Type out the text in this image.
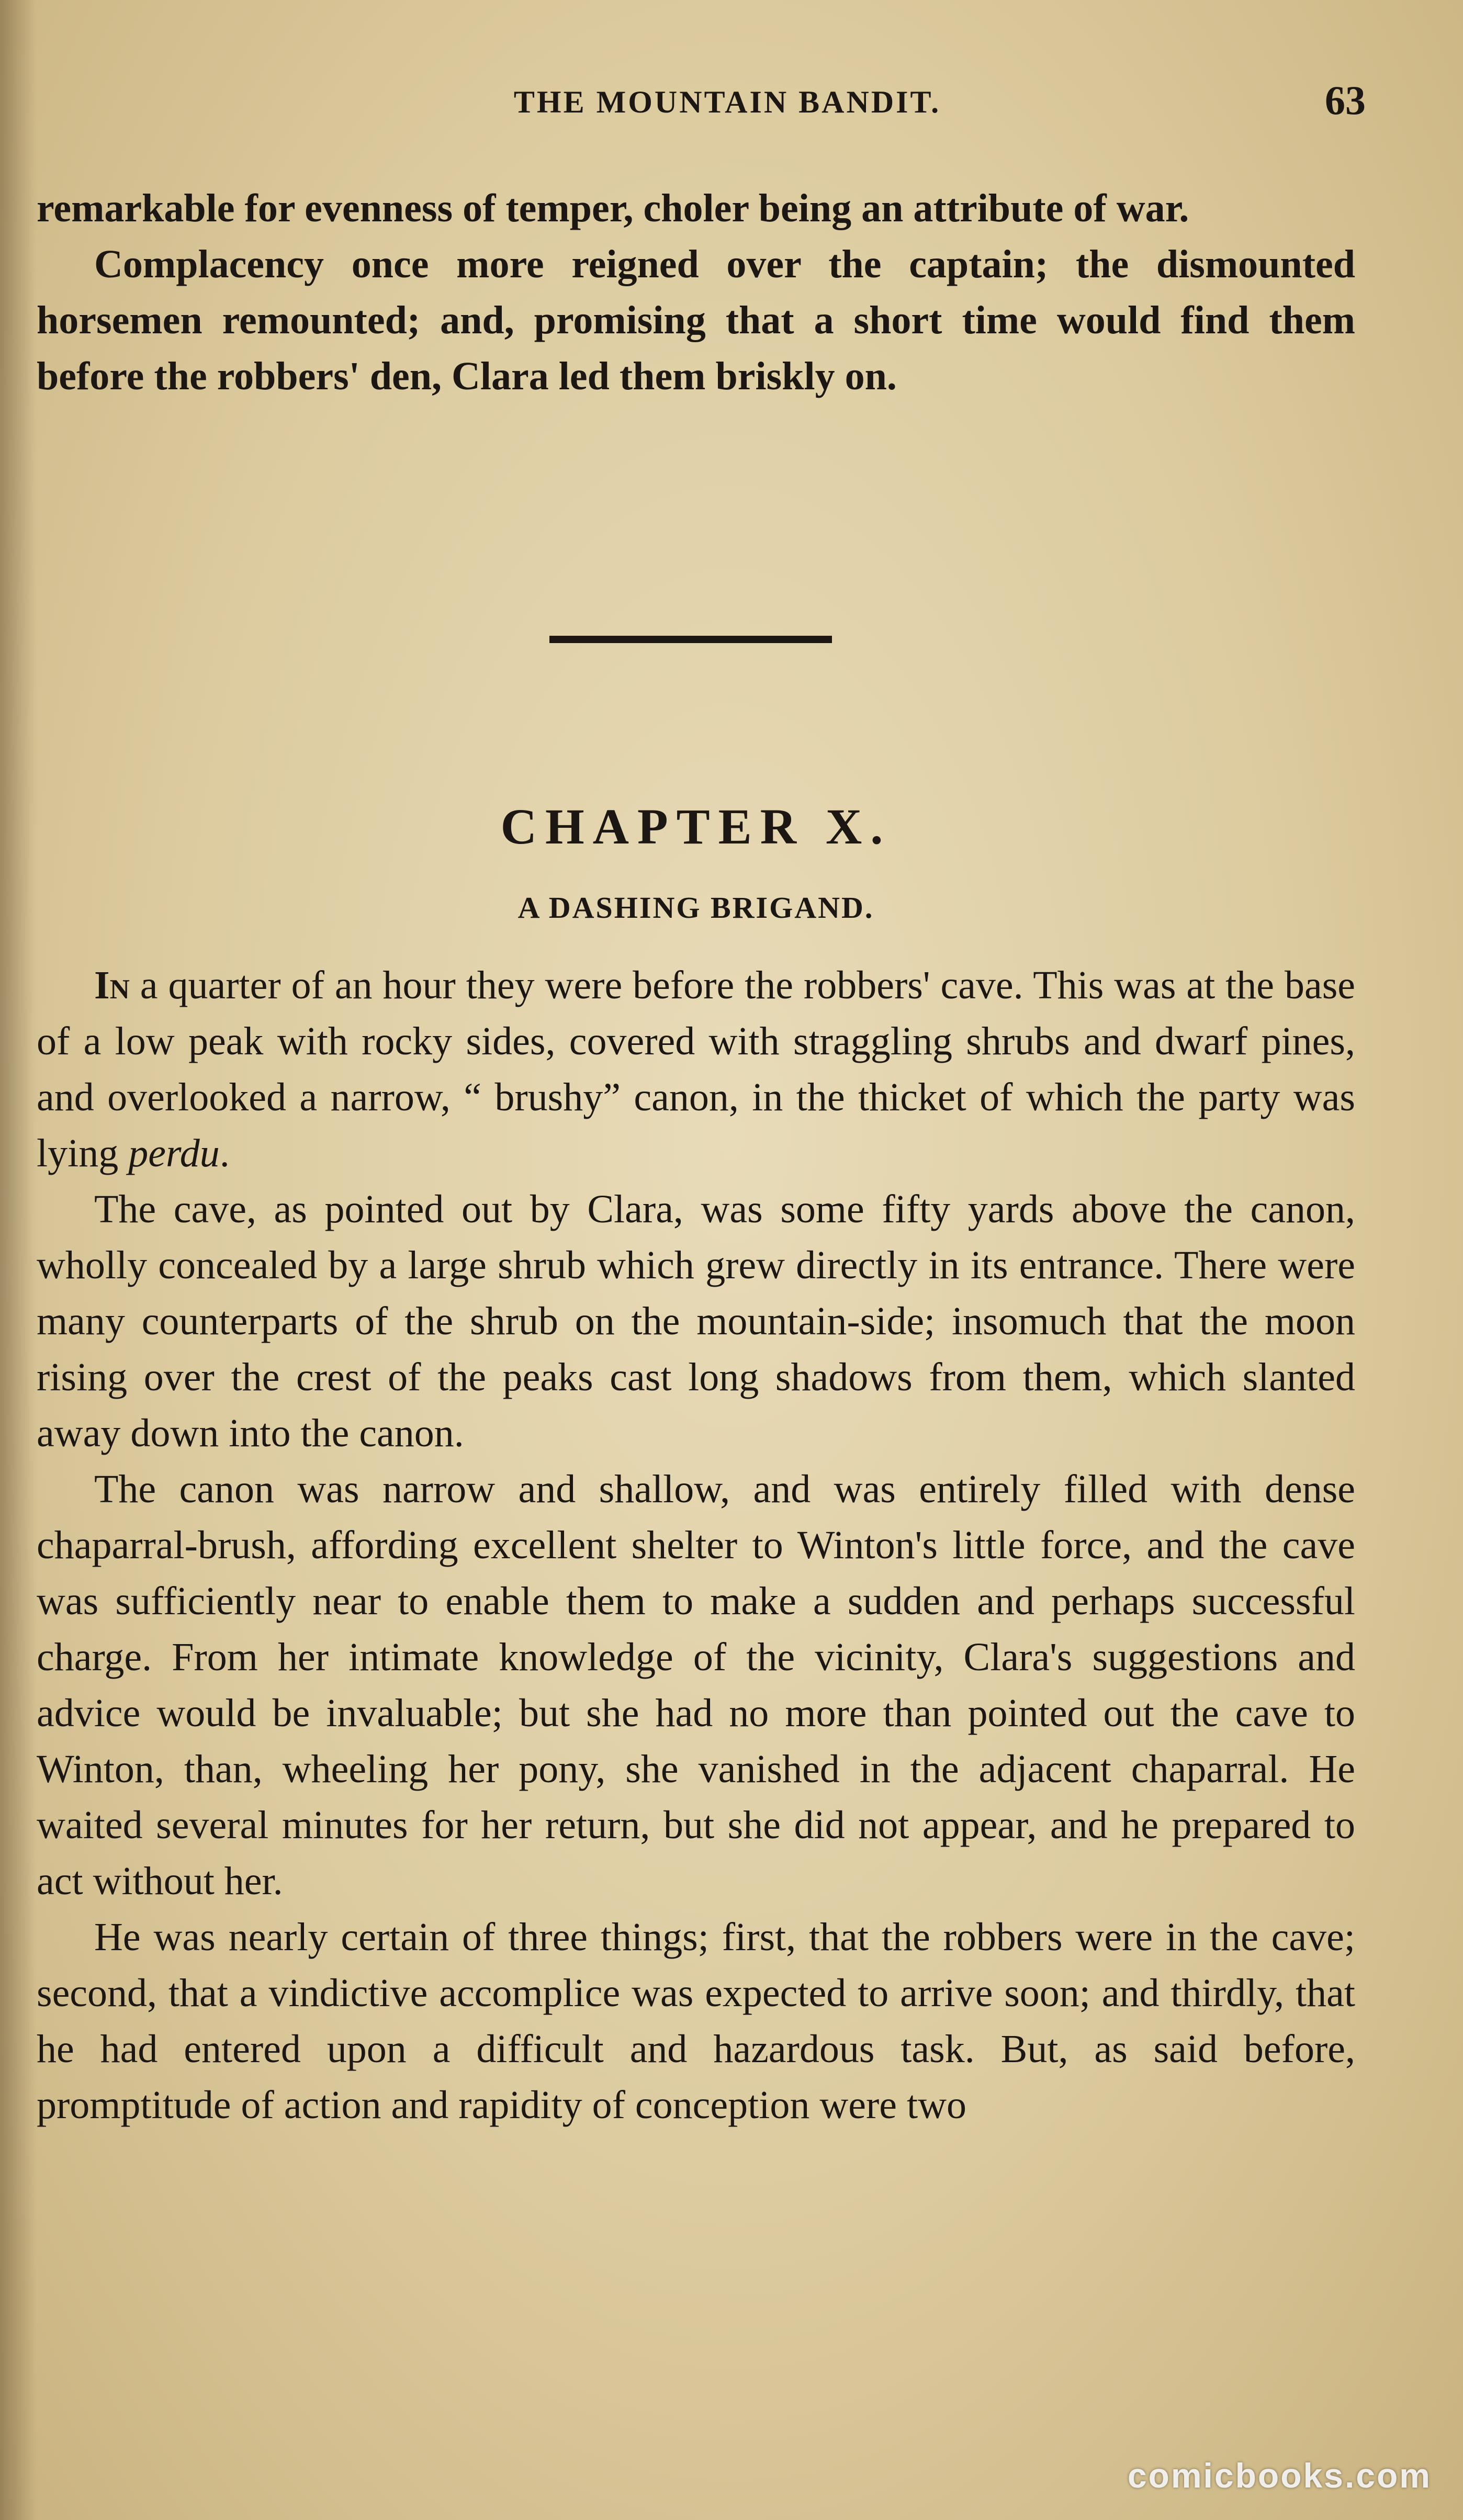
THE MOUNTAIN BANDIT.	63

remarkable for evenness of temper, choler being an attribute of war.

Complacency once more reigned over the captain; the dismounted horsemen remounted; and, promising that a short time would find them before the robbers' den, Clara led them briskly on.

CHAPTER X.
A DASHING BRIGAND.

In a quarter of an hour they were before the robbers' cave. This was at the base of a low peak with rocky sides, covered with straggling shrubs and dwarf pines, and overlooked a narrow, “ brushy” canon, in the thicket of which the party was lying perdu.

The cave, as pointed out by Clara, was some fifty yards above the canon, wholly concealed by a large shrub which grew directly in its entrance. There were many counterparts of the shrub on the mountain-side; insomuch that the moon rising over the crest of the peaks cast long shadows from them, which slanted away down into the canon.

The canon was narrow and shallow, and was entirely filled with dense chaparral-brush, affording excellent shelter to Winton's little force, and the cave was sufficiently near to enable them to make a sudden and perhaps successful charge. From her intimate knowledge of the vicinity, Clara's suggestions and advice would be invaluable; but she had no more than pointed out the cave to Winton, than, wheeling her pony, she vanished in the adjacent chaparral. He waited several minutes for her return, but she did not appear, and he prepared to act without her.

He was nearly certain of three things; first, that the robbers were in the cave; second, that a vindictive accomplice was expected to arrive soon; and thirdly, that he had entered upon a difficult and hazardous task. But, as said before, promptitude of action and rapidity of conception were two

comicbooks.com
